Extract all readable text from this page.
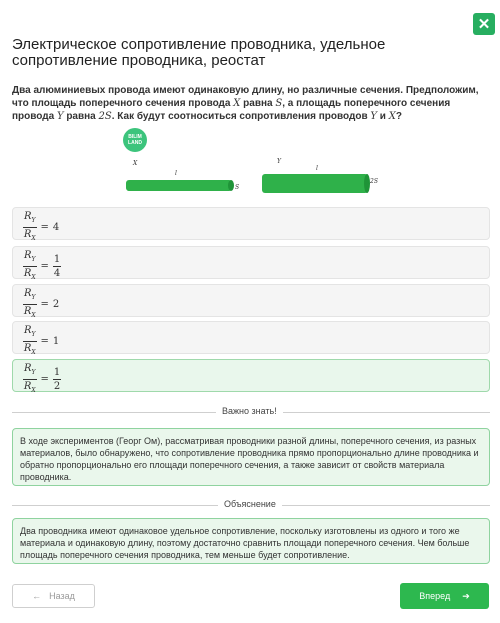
✕
Электрическое сопротивление проводника, удельное сопротивление проводника, реостат
Два алюминиевых провода имеют одинаковую длину, но различные сечения. Предположим, что площадь поперечного сечения провода X равна S, а площадь поперечного сечения провода Y равна 2S. Как будут соотноситься сопротивления проводов Y и X?
BILIM
LAND
X
l
S
Y
l
2S
$\frac{R_Y}{R_X} = 4$
$\frac{R_Y}{R_X} = \frac{1}{4}$
$\frac{R_Y}{R_X} = 2$
$\frac{R_Y}{R_X} = 1$
$\frac{R_Y}{R_X} = \frac{1}{2}$
Важно знать!
В ходе экспериментов (Георг Ом), рассматривая проводники разной длины, поперечного сечения, из разных материалов, было обнаружено, что сопротивление проводника прямо пропорционально длине проводника и обратно пропорционально его площади поперечного сечения, а также зависит от свойств материала проводника.
Объяснение
Два проводника имеют одинаковое удельное сопротивление, поскольку изготовлены из одного и того же материала и одинаковую длину, поэтому достаточно сравнить площади поперечного сечения. Чем больше площадь поперечного сечения проводника, тем меньше будет сопротивление.
← Назад	Вперед ➔
